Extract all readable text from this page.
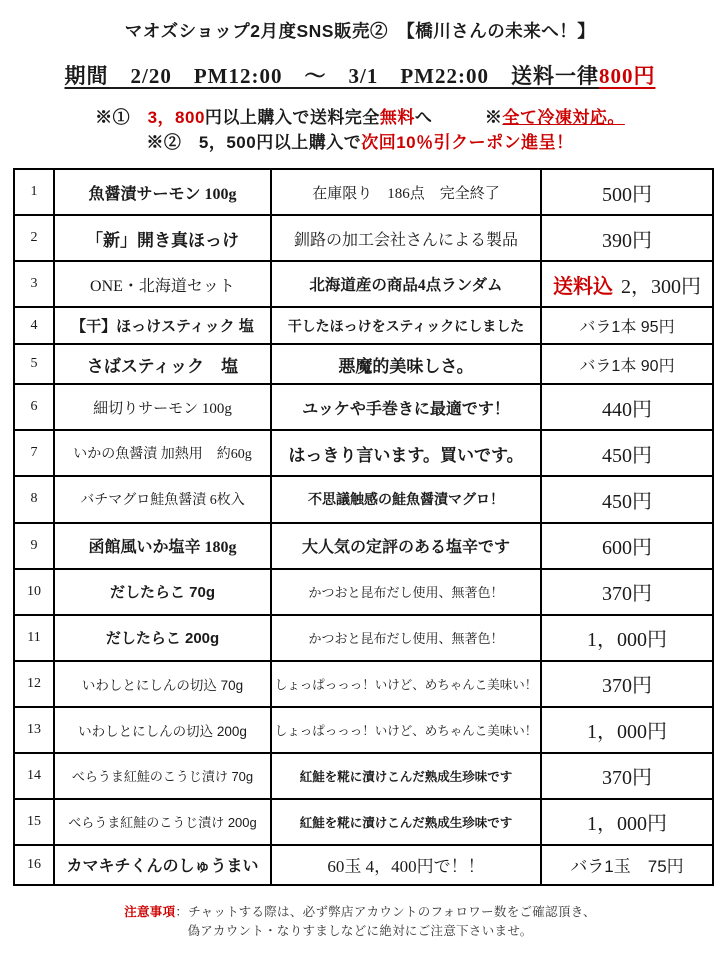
マオズショップ2月度SNS販売②　【橋川さんの未来へ！】
期間　2/20　PM12:00　～　3/1　PM22:00　送料一律800円
※①　3，800円以上購入で送料完全無料へ　　　※全て冷凍対応。
※②　5，500円以上購入で次回10％引クーポン進呈！
1	魚醤漬サーモン 100g	在庫限り　186点　完全終了	500円
2	「新」開き真ほっけ	釧路の加工会社さんによる製品	390円
3	ONE・北海道セット	北海道産の商品4点ランダム	送料込 2，300円
4	【干】ほっけスティック 塩	干したほっけをスティックにしました	バラ1本 95円
5	さばスティック　塩	悪魔的美味しさ。	バラ1本 90円
6	細切りサーモン 100g	ユッケや手巻きに最適です！	440円
7	いかの魚醤漬 加熱用　約60g	はっきり言います。買いです。	450円
8	バチマグロ鮭魚醤漬 6枚入	不思議触感の鮭魚醤漬マグロ！	450円
9	函館風いか塩辛 180g	大人気の定評のある塩辛です	600円
10	だしたらこ 70g	かつおと昆布だし使用、無著色！	370円
11	だしたらこ 200g	かつおと昆布だし使用、無著色！	1，000円
12	いわしとにしんの切込 70g	しょっぱっっっ！いけど、めちゃんこ美味い！	370円
13	いわしとにしんの切込 200g	しょっぱっっっ！いけど、めちゃんこ美味い！	1，000円
14	べらうま紅鮭のこうじ漬け 70g	紅鮭を糀に漬けこんだ熟成生珍味です	370円
15	べらうま紅鮭のこうじ漬け 200g	紅鮭を糀に漬けこんだ熟成生珍味です	1，000円
16	カマキチくんのしゅうまい	60玉 4，400円で！！	バラ1玉　75円
注意事項：チャットする際は、必ず弊店アカウントのフォロワー数をご確認頂き、
偽アカウント・なりすましなどに絶対にご注意下さいませ。
